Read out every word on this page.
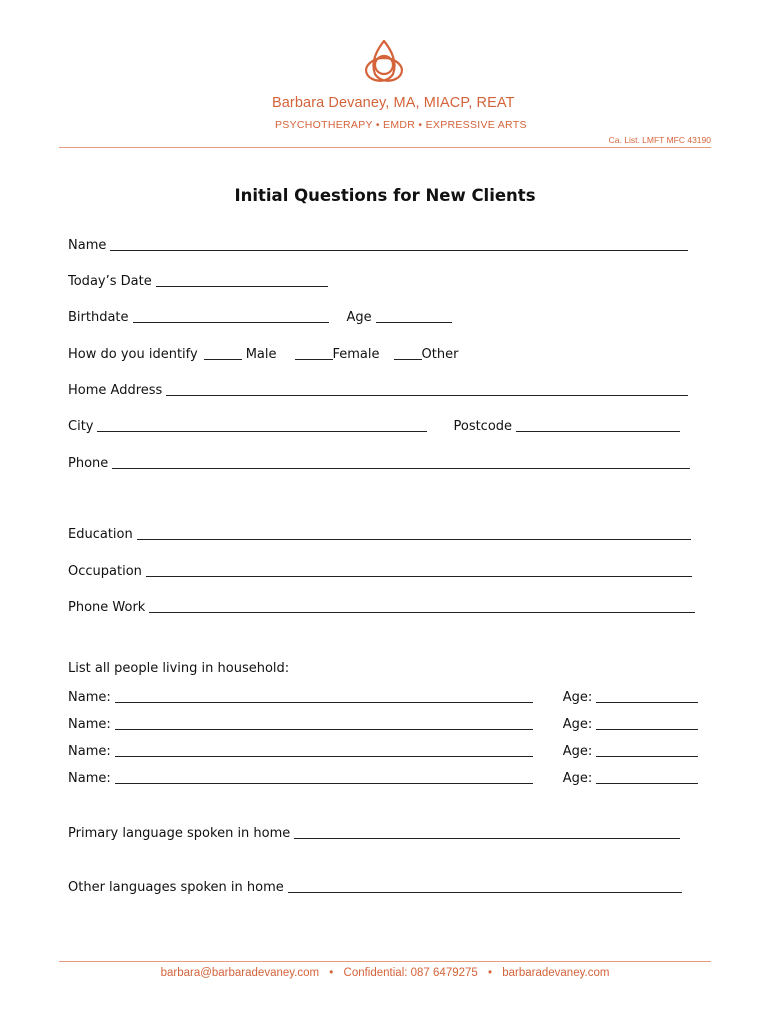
Barbara Devaney, MA, MIACP, REAT
PSYCHOTHERAPY • EMDR • EXPRESSIVE ARTS
Ca. List. LMFT MFC 43190
Initial Questions for New Clients
Name
Today’s Date
Birthdate	Age
How do you identify	Male	Female	Other
Home Address
City	Postcode
Phone
Education
Occupation
Phone Work
List all people living in household:
Name:	Age:
Name:	Age:
Name:	Age:
Name:	Age:
Primary language spoken in home
Other languages spoken in home
barbara@barbaradevaney.com • Confidential: 087 6479275 • barbaradevaney.com
